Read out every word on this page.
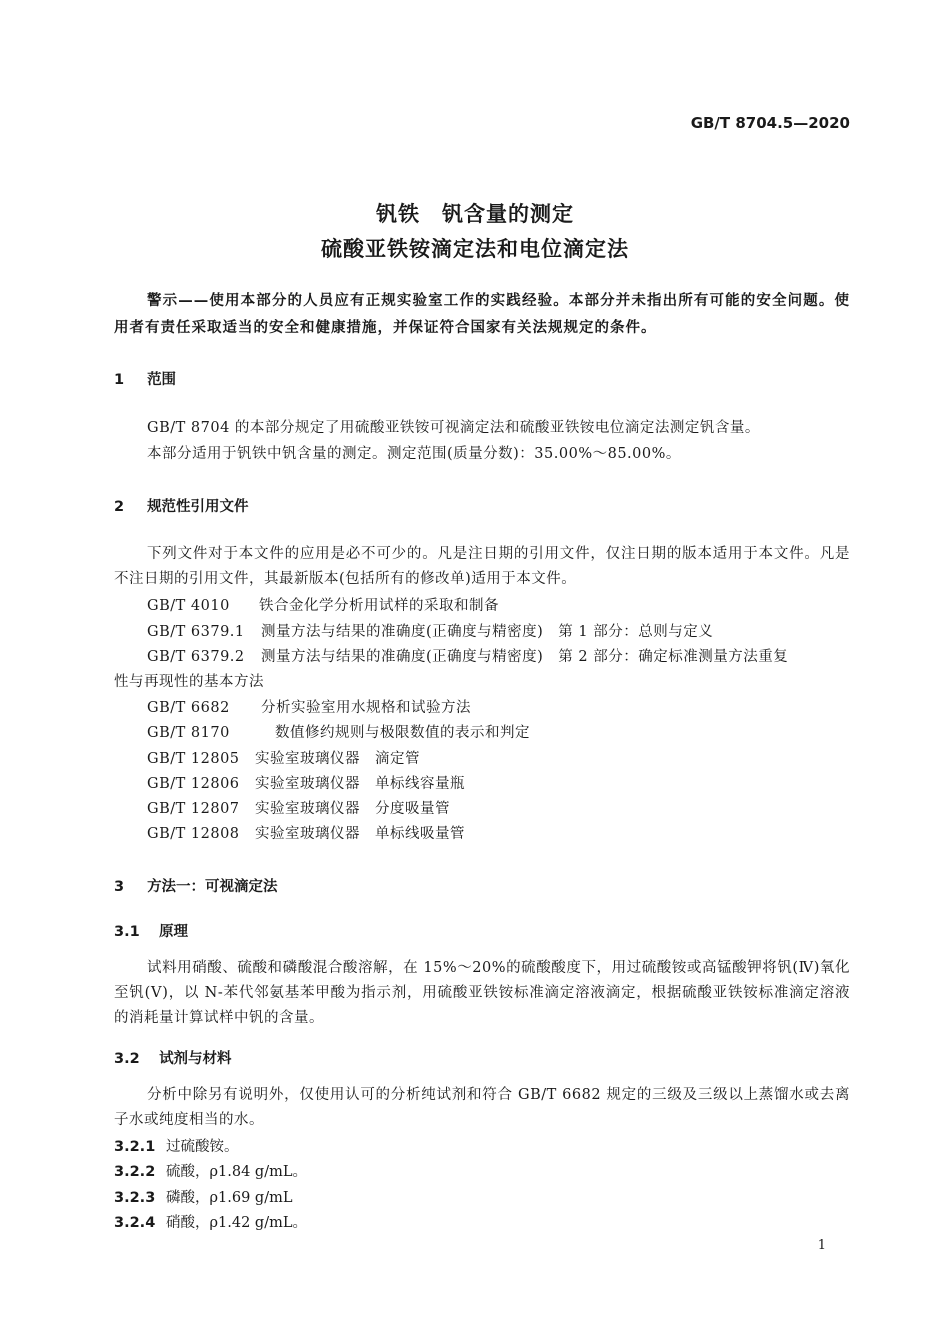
GB/T 8704.5—2020
钒铁　钒含量的测定
硫酸亚铁铵滴定法和电位滴定法
警示——使用本部分的人员应有正规实验室工作的实践经验。本部分并未指出所有可能的安全问题。使用者有责任采取适当的安全和健康措施，并保证符合国家有关法规规定的条件。
1 范围
GB/T 8704 的本部分规定了用硫酸亚铁铵可视滴定法和硫酸亚铁铵电位滴定法测定钒含量。
本部分适用于钒铁中钒含量的测定。测定范围(质量分数)：35.00%～85.00%。
2 规范性引用文件
下列文件对于本文件的应用是必不可少的。凡是注日期的引用文件，仅注日期的版本适用于本文件。凡是不注日期的引用文件，其最新版本(包括所有的修改单)适用于本文件。
GB/T 4010 铁合金化学分析用试样的采取和制备
GB/T 6379.1 测量方法与结果的准确度(正确度与精密度)　第 1 部分：总则与定义
GB/T 6379.2 测量方法与结果的准确度(正确度与精密度)　第 2 部分：确定标准测量方法重复
性与再现性的基本方法
GB/T 6682 分析实验室用水规格和试验方法
GB/T 8170	数值修约规则与极限数值的表示和判定
GB/T 12805 实验室玻璃仪器　滴定管
GB/T 12806 实验室玻璃仪器　单标线容量瓶
GB/T 12807 实验室玻璃仪器　分度吸量管
GB/T 12808 实验室玻璃仪器　单标线吸量管
3 方法一：可视滴定法
3.1 原理
试料用硝酸、硫酸和磷酸混合酸溶解，在 15%～20%的硫酸酸度下，用过硫酸铵或高锰酸钾将钒(Ⅳ)氧化至钒(Ⅴ)，以 N-苯代邻氨基苯甲酸为指示剂，用硫酸亚铁铵标准滴定溶液滴定，根据硫酸亚铁铵标准滴定溶液的消耗量计算试样中钒的含量。
3.2 试剂与材料
分析中除另有说明外，仅使用认可的分析纯试剂和符合 GB/T 6682 规定的三级及三级以上蒸馏水或去离子水或纯度相当的水。
3.2.1 过硫酸铵。
3.2.2 硫酸，ρ1.84 g/mL。
3.2.3 磷酸，ρ1.69 g/mL
3.2.4 硝酸，ρ1.42 g/mL。
1
